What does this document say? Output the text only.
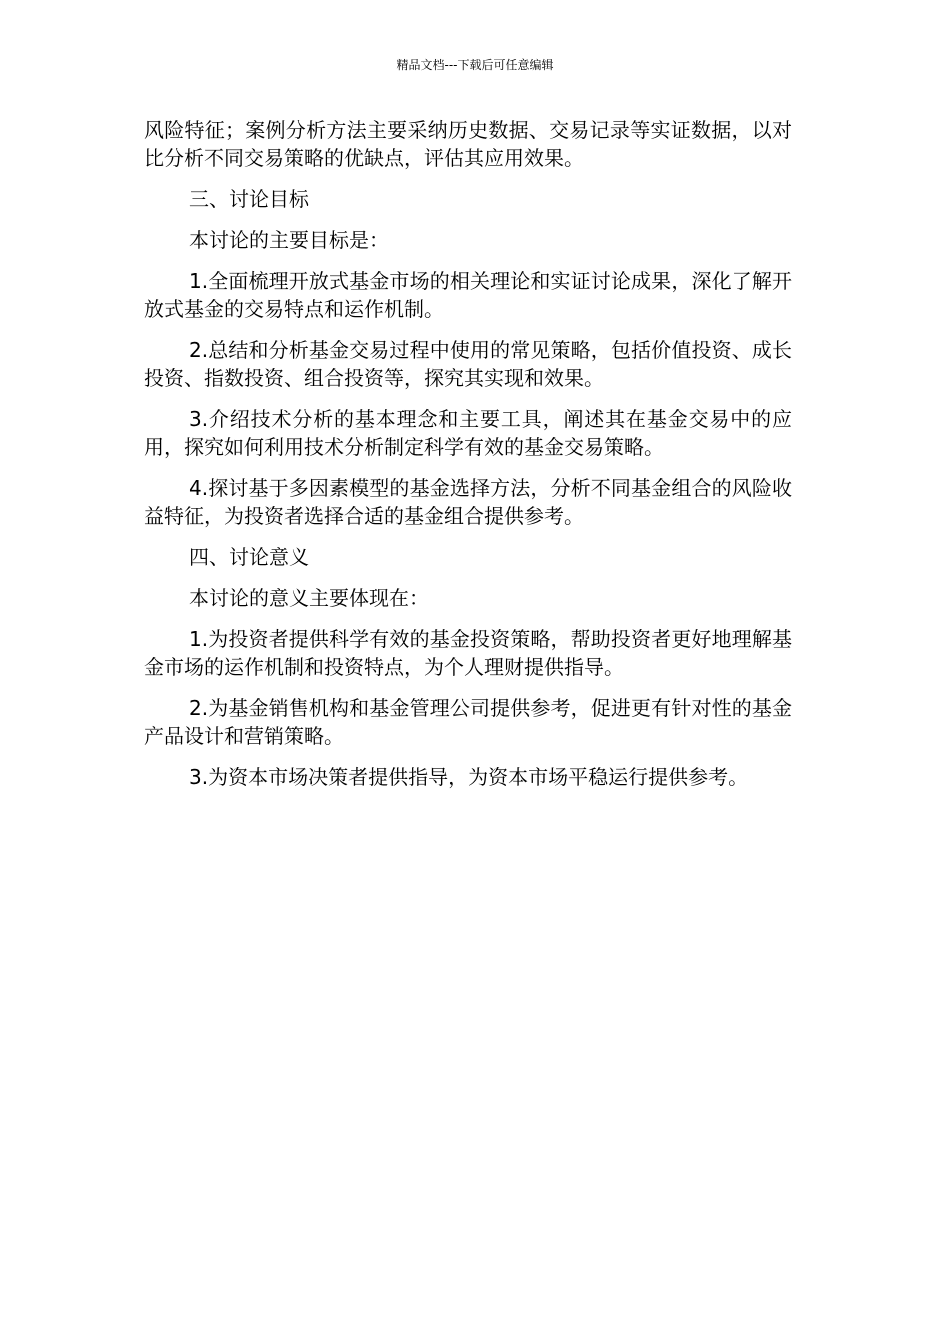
精品文档---下载后可任意编辑

风险特征；案例分析方法主要采纳历史数据、交易记录等实证数据，以对比分析不同交易策略的优缺点，评估其应用效果。

三、讨论目标

本讨论的主要目标是：

1.全面梳理开放式基金市场的相关理论和实证讨论成果，深化了解开放式基金的交易特点和运作机制。

2.总结和分析基金交易过程中使用的常见策略，包括价值投资、成长投资、指数投资、组合投资等，探究其实现和效果。

3.介绍技术分析的基本理念和主要工具，阐述其在基金交易中的应用，探究如何利用技术分析制定科学有效的基金交易策略。

4.探讨基于多因素模型的基金选择方法，分析不同基金组合的风险收益特征，为投资者选择合适的基金组合提供参考。

四、讨论意义

本讨论的意义主要体现在：

1.为投资者提供科学有效的基金投资策略，帮助投资者更好地理解基金市场的运作机制和投资特点，为个人理财提供指导。

2.为基金销售机构和基金管理公司提供参考，促进更有针对性的基金产品设计和营销策略。

3.为资本市场决策者提供指导，为资本市场平稳运行提供参考。
